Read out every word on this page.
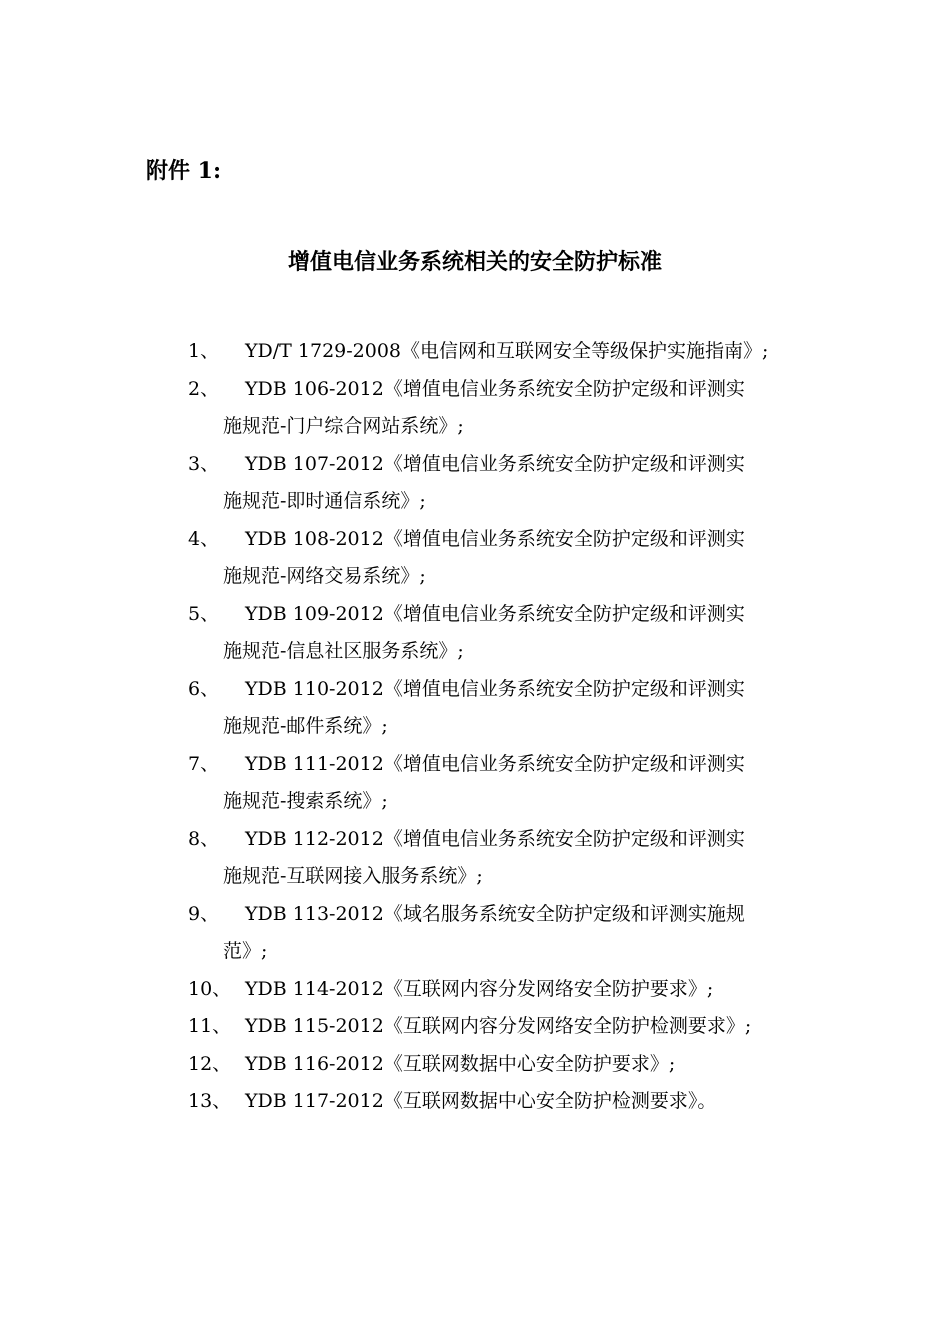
附件 1:
增值电信业务系统相关的安全防护标准
1、 YD/T 1729-2008《电信网和互联网安全等级保护实施指南》;
2、 YDB 106-2012《增值电信业务系统安全防护定级和评测实
施规范-门户综合网站系统》;
3、 YDB 107-2012《增值电信业务系统安全防护定级和评测实
施规范-即时通信系统》;
4、 YDB 108-2012《增值电信业务系统安全防护定级和评测实
施规范-网络交易系统》;
5、 YDB 109-2012《增值电信业务系统安全防护定级和评测实
施规范-信息社区服务系统》;
6、 YDB 110-2012《增值电信业务系统安全防护定级和评测实
施规范-邮件系统》;
7、 YDB 111-2012《增值电信业务系统安全防护定级和评测实
施规范-搜索系统》;
8、 YDB 112-2012《增值电信业务系统安全防护定级和评测实
施规范-互联网接入服务系统》;
9、 YDB 113-2012《域名服务系统安全防护定级和评测实施规
范》;
10、 YDB 114-2012《互联网内容分发网络安全防护要求》;
11、 YDB 115-2012《互联网内容分发网络安全防护检测要求》;
12、 YDB 116-2012《互联网数据中心安全防护要求》;
13、 YDB 117-2012《互联网数据中心安全防护检测要求》。
